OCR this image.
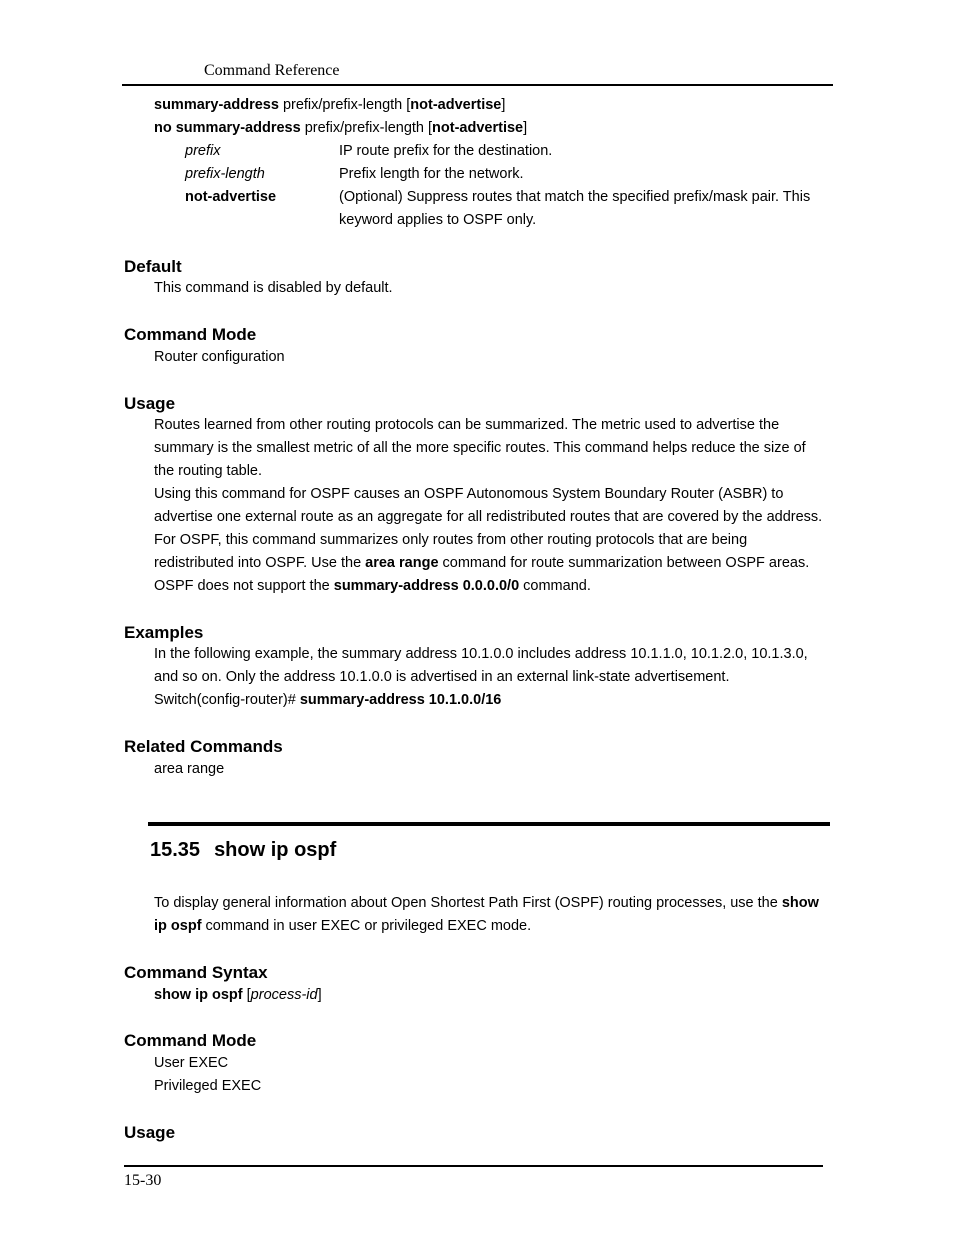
Command Reference
summary-address prefix/prefix-length [not-advertise]
no summary-address prefix/prefix-length [not-advertise]
prefix	IP route prefix for the destination.
prefix-length	Prefix length for the network.
not-advertise	(Optional) Suppress routes that match the specified prefix/mask pair. This
keyword applies to OSPF only.
Default
This command is disabled by default.
Command Mode
Router configuration
Usage
Routes learned from other routing protocols can be summarized. The metric used to advertise the
summary is the smallest metric of all the more specific routes. This command helps reduce the size of
the routing table.
Using this command for OSPF causes an OSPF Autonomous System Boundary Router (ASBR) to
advertise one external route as an aggregate for all redistributed routes that are covered by the address.
For OSPF, this command summarizes only routes from other routing protocols that are being
redistributed into OSPF. Use the area range command for route summarization between OSPF areas.
OSPF does not support the summary-address 0.0.0.0/0 command.
Examples
In the following example, the summary address 10.1.0.0 includes address 10.1.1.0, 10.1.2.0, 10.1.3.0,
and so on. Only the address 10.1.0.0 is advertised in an external link-state advertisement.
Switch(config-router)# summary-address 10.1.0.0/16
Related Commands
area range
15.35 show ip ospf
To display general information about Open Shortest Path First (OSPF) routing processes, use the show
ip ospf command in user EXEC or privileged EXEC mode.
Command Syntax
show ip ospf [process-id]
Command Mode
User EXEC
Privileged EXEC
Usage
15-30
